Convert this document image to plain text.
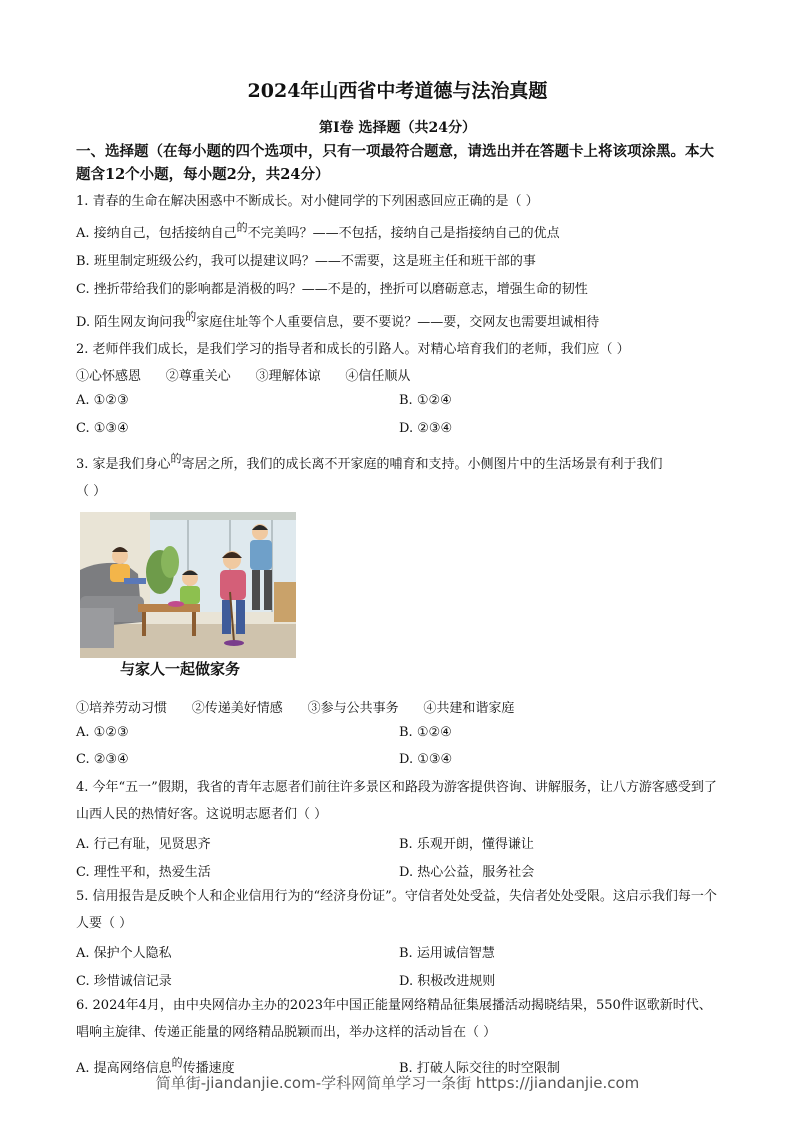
2024年山西省中考道德与法治真题
第I卷 选择题（共24分）
一、选择题（在每小题的四个选项中，只有一项最符合题意，请选出并在答题卡上将该项涂黑。本大题含12个小题，每小题2分，共24分）
1. 青春的生命在解决困惑中不断成长。对小健同学的下列困惑回应正确的是（ ）
A. 接纳自己，包括接纳自己$^的$不完美吗？——不包括，接纳自己是指接纳自己的优点
B. 班里制定班级公约，我可以提建议吗？——不需要，这是班主任和班干部的事
C. 挫折带给我们的影响都是消极的吗？——不是的，挫折可以磨砺意志，增强生命的韧性
D. 陌生网友询问我$^的$家庭住址等个人重要信息，要不要说？——要，交网友也需要坦诚相待
2. 老师伴我们成长，是我们学习的指导者和成长的引路人。对精心培育我们的老师，我们应（ ）
①心怀感恩      ②尊重关心      ③理解体谅      ④信任顺从
A. ①②③	B. ①②④
C. ①③④	D. ②③④
3. 家是我们身心$^的$寄居之所，我们的成长离不开家庭的哺育和支持。小侧图片中的生活场景有利于我们
（ ）
与家人一起做家务
①培养劳动习惯      ②传递美好情感      ③参与公共事务      ④共建和谐家庭
A. ①②③	B. ①②④
C. ②③④	D. ①③④
4. 今年“五一”假期，我省的青年志愿者们前往许多景区和路段为游客提供咨询、讲解服务，让八方游客感受到了山西人民的热情好客。这说明志愿者们（ ）
A. 行己有耻，见贤思齐	B. 乐观开朗，懂得谦让
C. 理性平和，热爱生活	D. 热心公益，服务社会
5. 信用报告是反映个人和企业信用行为的“经济身份证”。守信者处处受益，失信者处处受限。这启示我们每一个人要（ ）
A. 保护个人隐私	B. 运用诚信智慧
C. 珍惜诚信记录	D. 积极改进规则
6. 2024年4月，由中央网信办主办的2023年中国正能量网络精品征集展播活动揭晓结果，550件讴歌新时代、唱响主旋律、传递正能量的网络精品脱颖而出，举办这样的活动旨在（ ）
A. 提高网络信息$^的$传播速度	B. 打破人际交往的时空限制
简单街-jiandanjie.com-学科网简单学习一条街 https://jiandanjie.com
